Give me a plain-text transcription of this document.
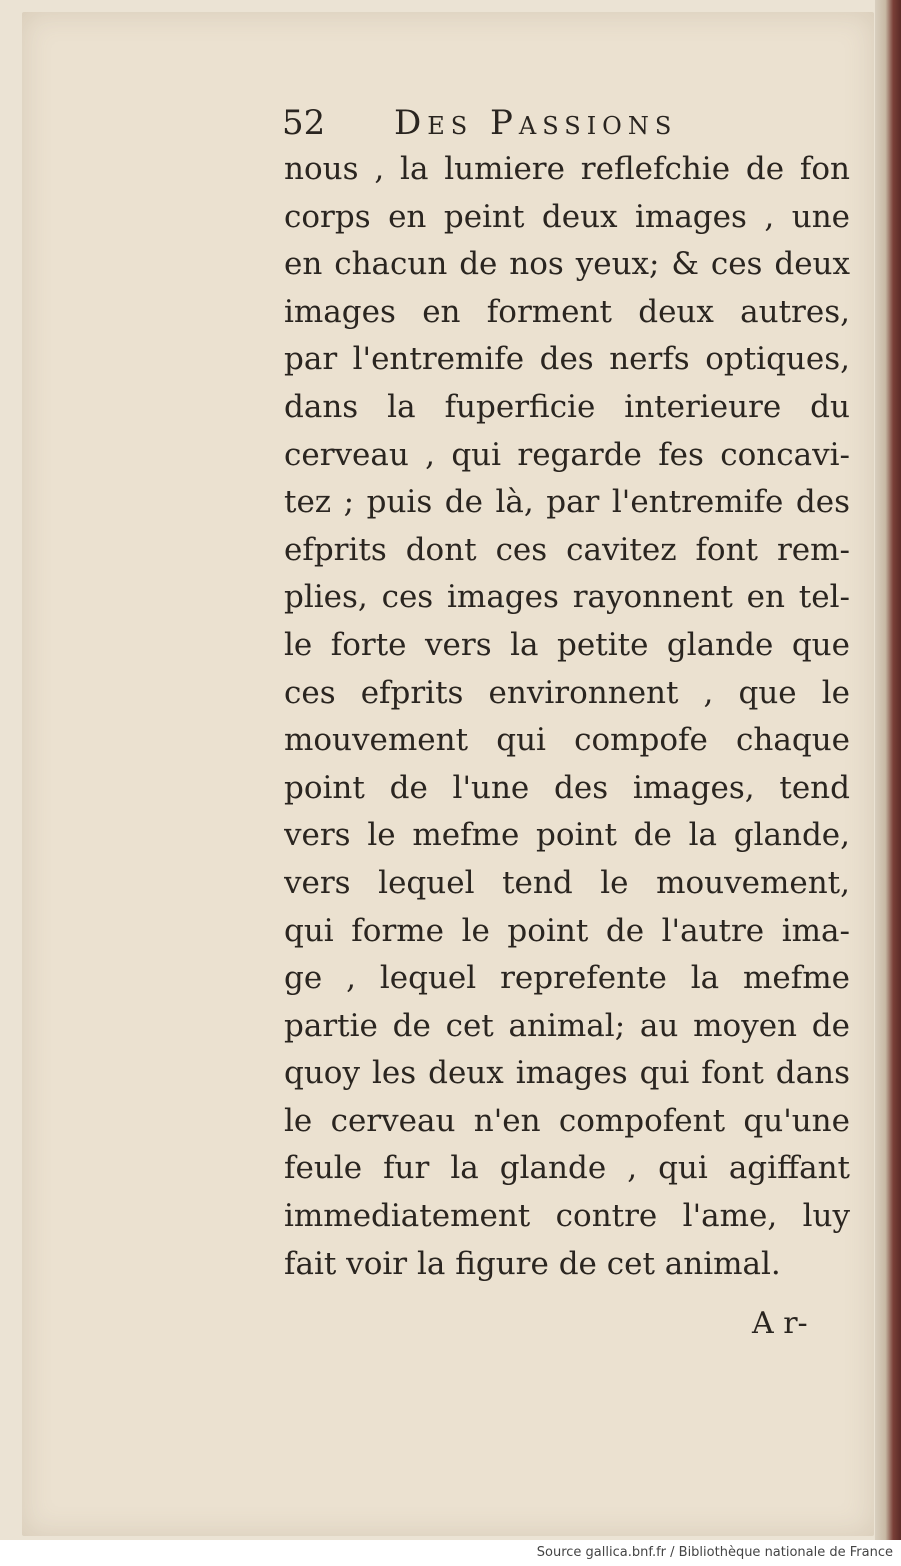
52 Des Passions
nous , la lumiere reflefchie de fon
corps en peint deux images , une
en chacun de nos yeux; & ces deux
images en forment deux autres,
par l'entremife des nerfs optiques,
dans la fuperficie interieure du
cerveau , qui regarde fes concavi-
tez ; puis de là, par l'entremife des
efprits dont ces cavitez font rem-
plies, ces images rayonnent en tel-
le forte vers la petite glande que
ces efprits environnent , que le
mouvement qui compofe chaque
point de l'une des images, tend
vers le mefme point de la glande,
vers lequel tend le mouvement,
qui forme le point de l'autre ima-
ge , lequel reprefente la mefme
partie de cet animal; au moyen de
quoy les deux images qui font dans
le cerveau n'en compofent qu'une
feule fur la glande , qui agiffant
immediatement contre l'ame, luy
fait voir la figure de cet animal.
A r-
Source gallica.bnf.fr / Bibliothèque nationale de France
